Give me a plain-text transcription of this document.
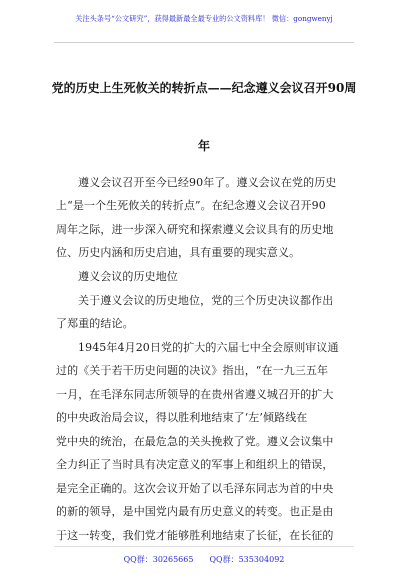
关注头条号“公文研究”，获得最新最全最专业的公文资料库！ 微信：gongwenyj
党的历史上生死攸关的转折点——纪念遵义会议召开90周
年
遵义会议召开至今已经90年了。遵义会议在党的历史
上“是一个生死攸关的转折点”。在纪念遵义会议召开90
周年之际，进一步深入研究和探索遵义会议具有的历史地
位、历史内涵和历史启迪，具有重要的现实意义。
遵义会议的历史地位
关于遵义会议的历史地位，党的三个历史决议都作出
了郑重的结论。
1945年4月20日党的扩大的六届七中全会原则审议通
过的《关于若干历史问题的决议》指出，“在一九三五年
一月，在毛泽东同志所领导的在贵州省遵义城召开的扩大
的中央政治局会议，得以胜利地结束了‘左’倾路线在
党中央的统治，在最危急的关头挽救了党。遵义会议集中
全力纠正了当时具有决定意义的军事上和组织上的错误，
是完全正确的。这次会议开始了以毛泽东同志为首的中央
的新的领导，是中国党内最有历史意义的转变。也正是由
于这一转变，我们党才能够胜利地结束了长征，在长征的
QQ群：30265665 QQ群：535304092
